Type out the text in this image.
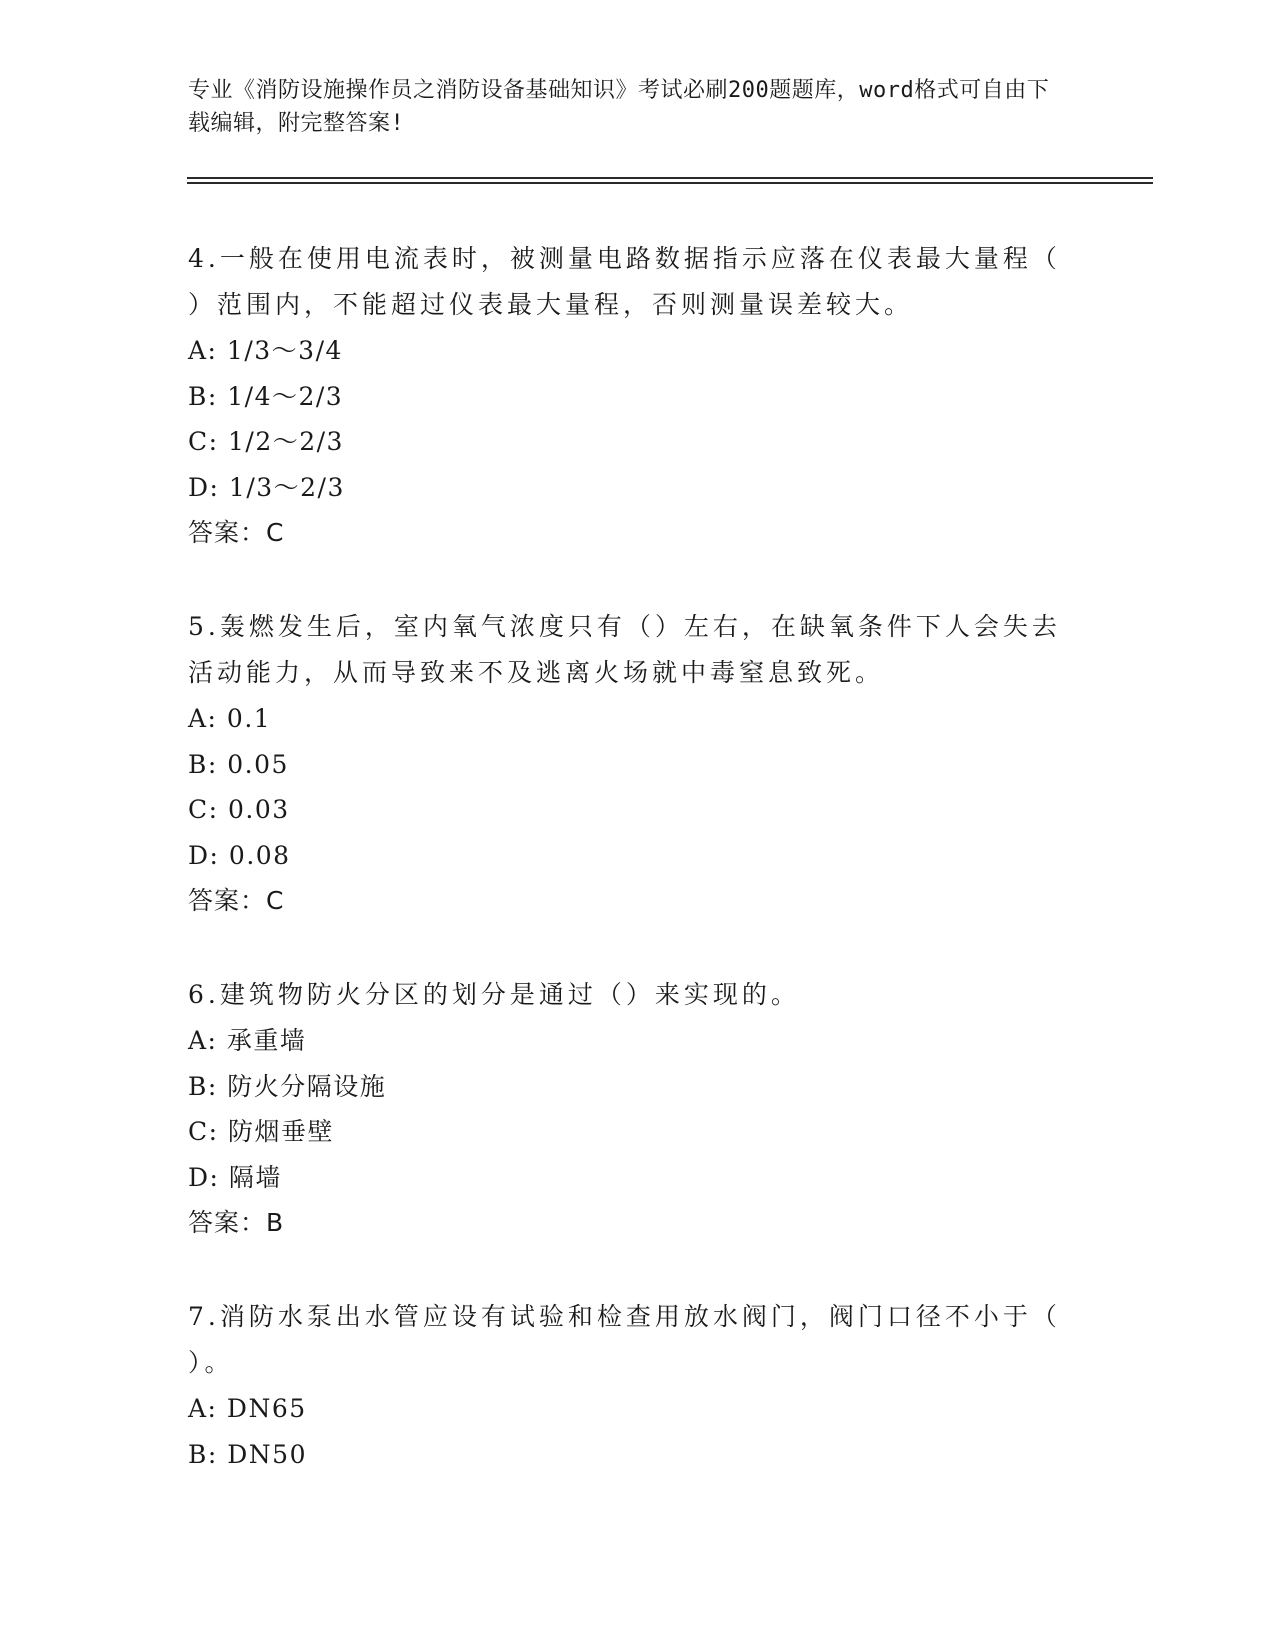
专业《消防设施操作员之消防设备基础知识》考试必刷200题题库，word格式可自由下载编辑，附完整答案!

4.一般在使用电流表时，被测量电路数据指示应落在仪表最大量程（ ）范围内，不能超过仪表最大量程，否则测量误差较大。

A: 1/3～3/4

B: 1/4～2/3

C: 1/2～2/3

D: 1/3～2/3

答案：C

5.轰燃发生后，室内氧气浓度只有（）左右，在缺氧条件下人会失去活动能力，从而导致来不及逃离火场就中毒窒息致死。

A: 0.1

B: 0.05

C: 0.03

D: 0.08

答案：C

6.建筑物防火分区的划分是通过（）来实现的。

A: 承重墙

B: 防火分隔设施

C: 防烟垂壁

D: 隔墙

答案：B

7.消防水泵出水管应设有试验和检查用放水阀门，阀门口径不小于（ ）。

A: DN65

B: DN50
